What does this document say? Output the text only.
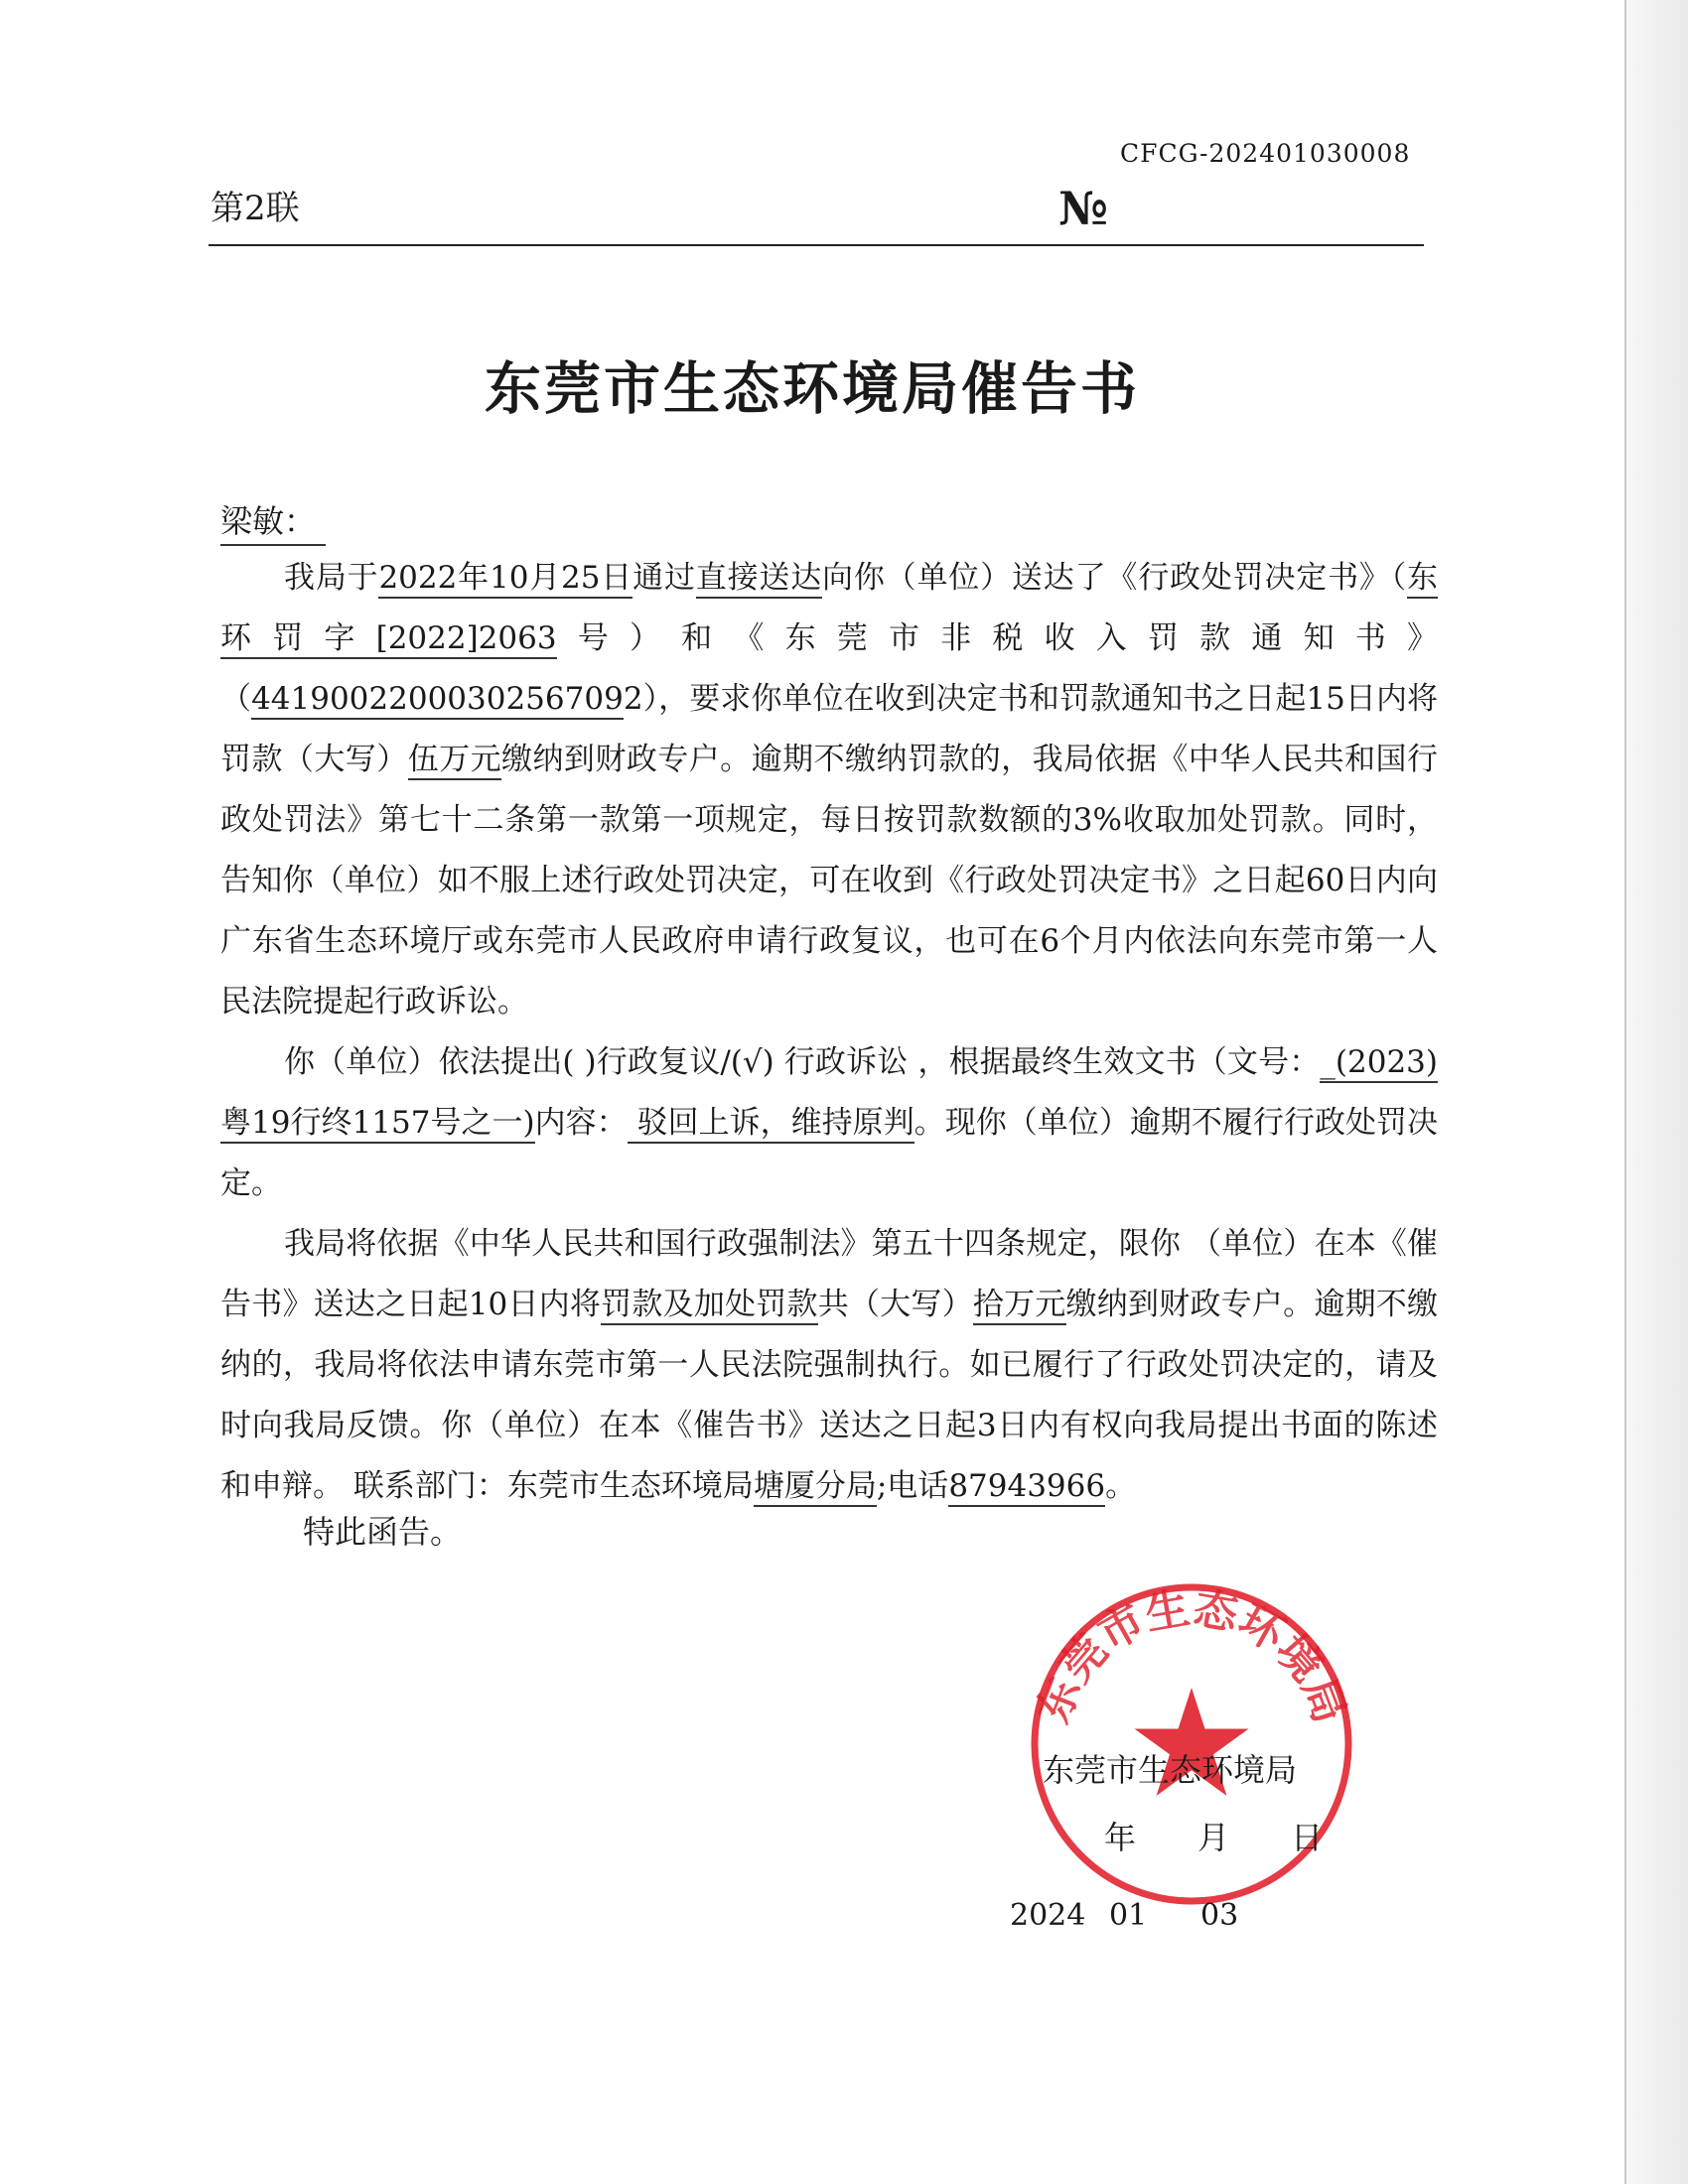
CFCG-202401030008
第2联	№
东莞市生态环境局催告书
梁敏：

我局于2022年10月25日通过直接送达向你（单位）送达了《行政处罚决定书》（东环罚字[2022]2063号）和《东莞市非税收入罚款通知书》（44190022000302567092），要求你单位在收到决定书和罚款通知书之日起15日内将罚款（大写）伍万元缴纳到财政专户。逾期不缴纳罚款的，我局依据《中华人民共和国行政处罚法》第七十二条第一款第一项规定，每日按罚款数额的3%收取加处罚款。同时，告知你（单位）如不服上述行政处罚决定，可在收到《行政处罚决定书》之日起60日内向广东省生态环境厅或东莞市人民政府申请行政复议，也可在6个月内依法向东莞市第一人民法院提起行政诉讼。

你（单位）依法提出( )行政复议/(√) 行政诉讼 ，根据最终生效文书（文号：_(2023)粤19行终1157号之一)内容： 驳回上诉，维持原判。现你（单位）逾期不履行行政处罚决定。

我局将依据《中华人民共和国行政强制法》第五十四条规定，限你 （单位）在本《催告书》送达之日起10日内将罚款及加处罚款共（大写）拾万元缴纳到财政专户。逾期不缴纳的，我局将依法申请东莞市第一人民法院强制执行。如已履行了行政处罚决定的，请及时向我局反馈。你（单位）在本《催告书》送达之日起3日内有权向我局提出书面的陈述和申辩。 联系部门：东莞市生态环境局塘厦分局;电话87943966。

特此函告。
东莞市生态环境局
东莞市生态环境局
年 月 日
2024 01 03
